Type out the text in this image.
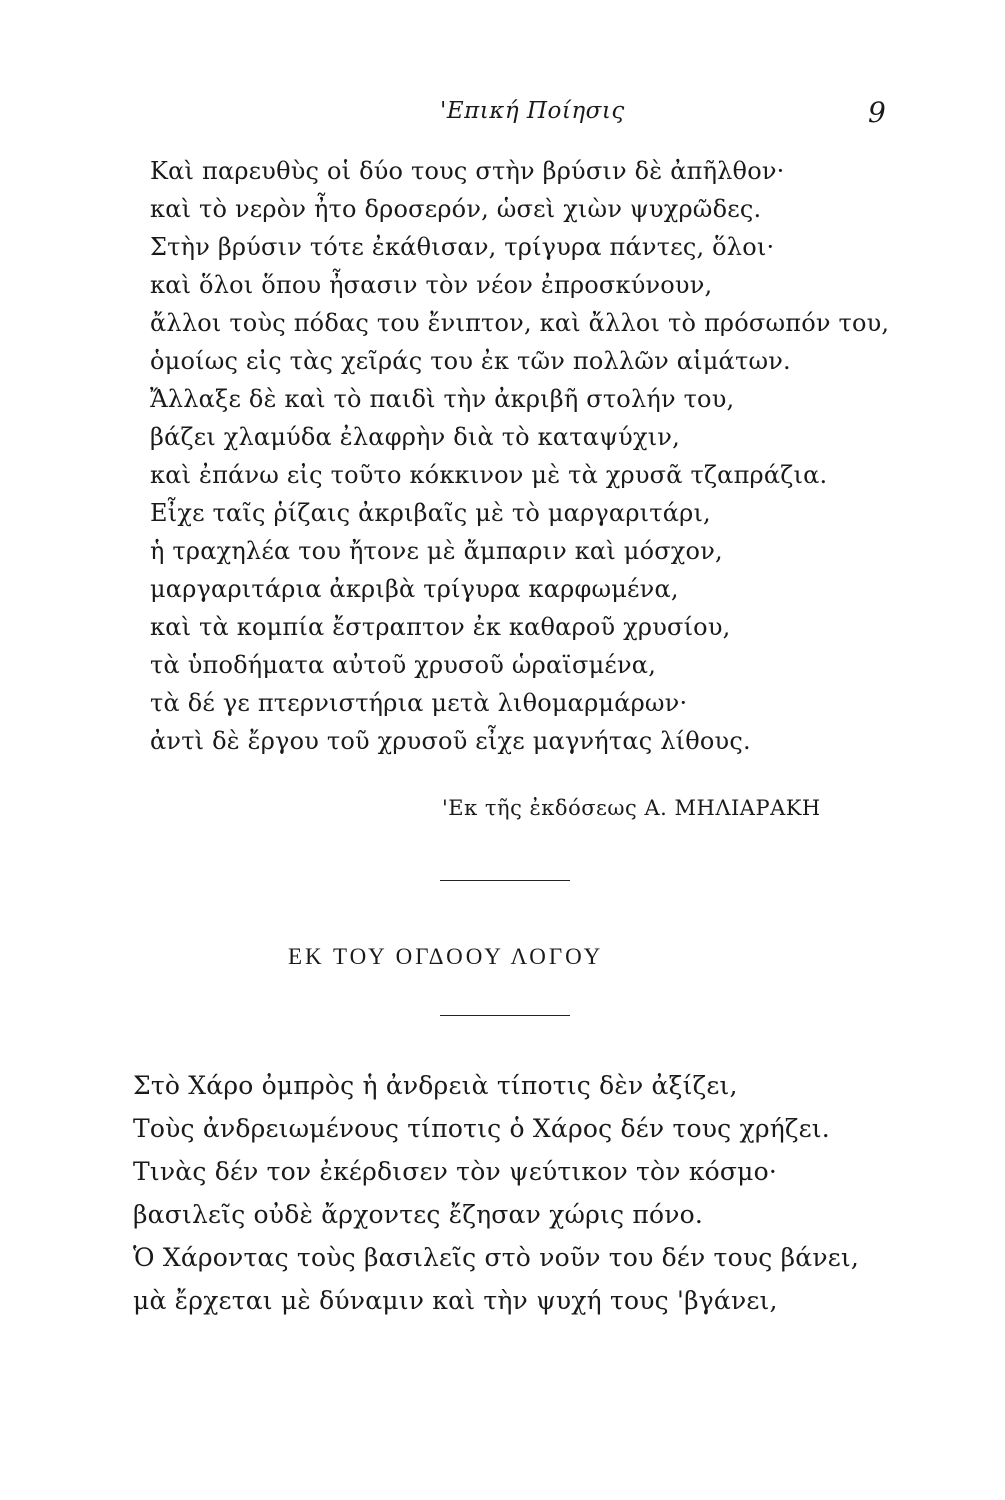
'Επική Ποίησις	9
Καὶ παρευθὺς οἱ δύο τους στὴν βρύσιν δὲ ἀπῆλθον·
καὶ τὸ νερὸν ἦτο δροσερόν, ὡσεὶ χιὼν ψυχρῶδες.
Στὴν βρύσιν τότε ἐκάθισαν, τρίγυρα πάντες, ὅλοι·
καὶ ὅλοι ὅπου ἦσασιν τὸν νέον ἐπροσκύνουν,
ἄλλοι τοὺς πόδας του ἔνιπτον, καὶ ἄλλοι τὸ πρόσωπόν του,
ὁμοίως εἰς τὰς χεῖράς του ἐκ τῶν πολλῶν αἱμάτων.
Ἄλλαξε δὲ καὶ τὸ παιδὶ τὴν ἀκριβῆ στολήν του,
βάζει χλαμύδα ἐλαφρὴν διὰ τὸ καταψύχιν,
καὶ ἐπάνω εἰς τοῦτο κόκκινον μὲ τὰ χρυσᾶ τζαπράζια.
Εἶχε ταῖς ῥίζαις ἀκριβαῖς μὲ τὸ μαργαριτάρι,
ἡ τραχηλέα του ἤτονε μὲ ἄμπαριν καὶ μόσχον,
μαργαριτάρια ἀκριβὰ τρίγυρα καρφωμένα,
καὶ τὰ κομπία ἔστραπτον ἐκ καθαροῦ χρυσίου,
τὰ ὑποδήματα αὐτοῦ χρυσοῦ ὡραϊσμένα,
τὰ δέ γε πτερνιστήρια μετὰ λιθομαρμάρων·
ἀντὶ δὲ ἔργου τοῦ χρυσοῦ εἶχε μαγνήτας λίθους.
'Εκ τῆς ἐκδόσεως Α. ΜΗΛΙΑΡΑΚΗ
ΕΚ ΤΟΥ ΟΓΔΟΟΥ ΛΟΓΟΥ
Στὸ Χάρο ὀμπρὸς ἡ ἀνδρειὰ τίποτις δὲν ἀξίζει,
Τοὺς ἀνδρειωμένους τίποτις ὁ Χάρος δέν τους χρήζει.
Τινὰς δέν τον ἐκέρδισεν τὸν ψεύτικον τὸν κόσμο·
βασιλεῖς οὐδὲ ἄρχοντες ἔζησαν χώρις πόνο.
Ὁ Χάροντας τοὺς βασιλεῖς στὸ νοῦν του δέν τους βάνει,
μὰ ἔρχεται μὲ δύναμιν καὶ τὴν ψυχή τους 'βγάνει,
